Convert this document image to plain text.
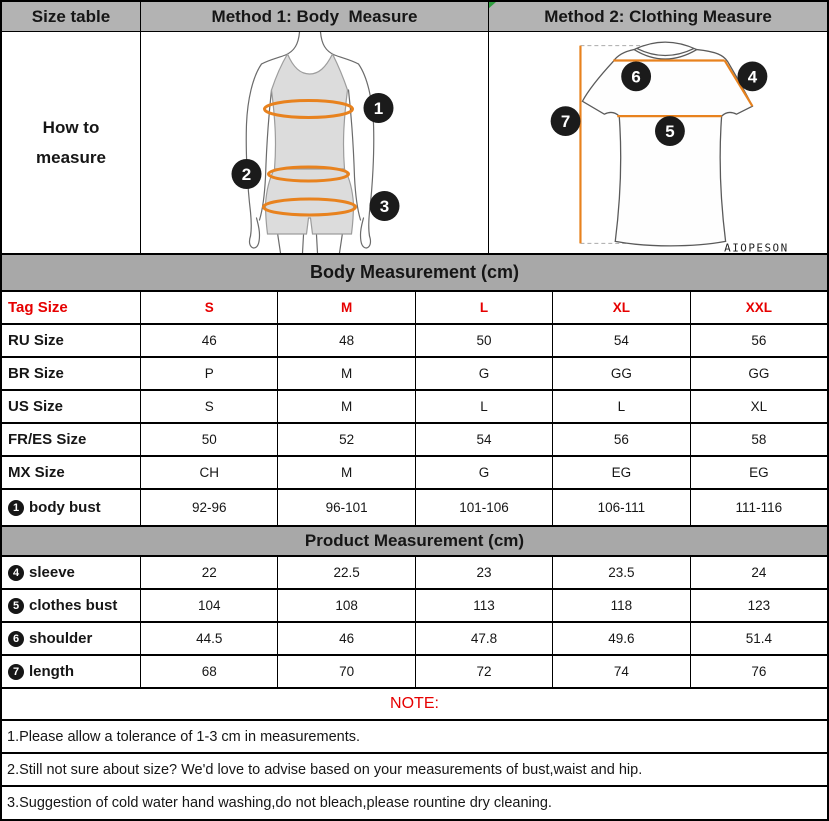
Size table	Method 1: Body  Measure	Method 2: Clothing Measure
How to
measure
1
2
3
6	4
7
5
AIOPESON
Body Measurement (cm)
Tag Size	S	M	L	XL	XXL
RU Size	46	48	50	54	56
BR Size	P	M	G	GG	GG
US Size	S	M	L	L	XL
FR/ES Size	50	52	54	56	58
MX Size	CH	M	G	EG	EG
1 body bust	92-96	96-101	101-106	106-111	111-116
Product Measurement (cm)
4 sleeve	22	22.5	23	23.5	24
5 clothes bust	104	108	113	118	123
6 shoulder	44.5	46	47.8	49.6	51.4
7 length	68	70	72	74	76
NOTE:
1.Please allow a tolerance of 1-3 cm in measurements.
2.Still not sure about size? We'd love to advise based on your measurements of bust,waist and hip.
3.Suggestion of cold water hand washing,do not bleach,please rountine dry cleaning.
